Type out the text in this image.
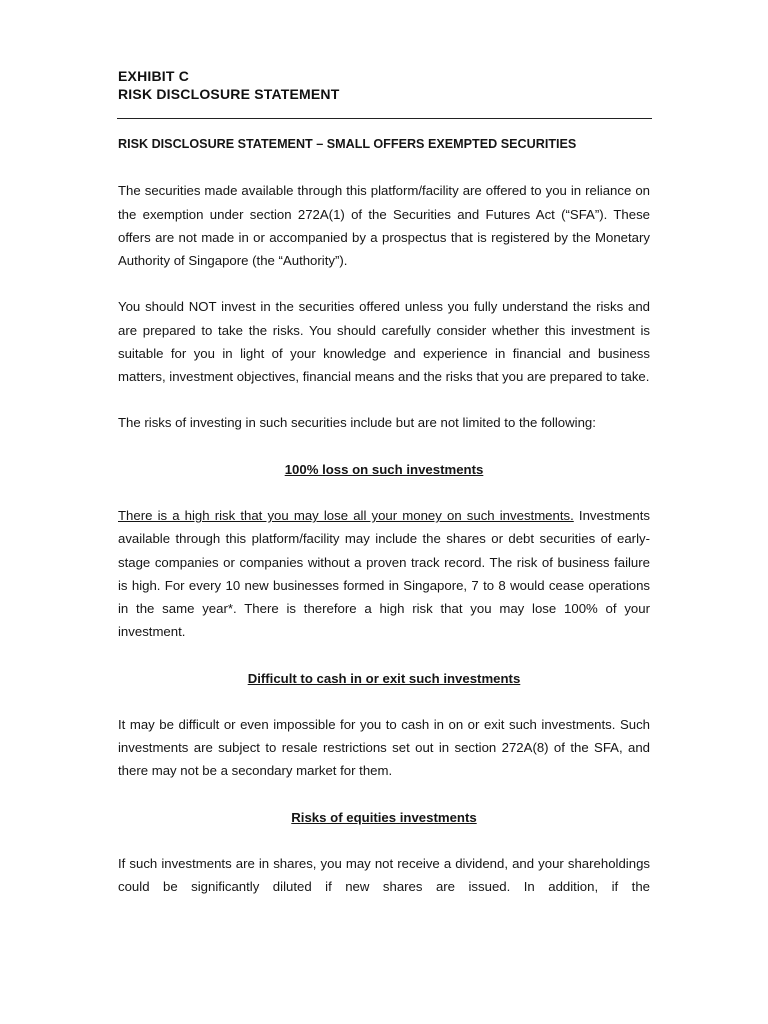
EXHIBIT C
RISK DISCLOSURE STATEMENT

RISK DISCLOSURE STATEMENT – SMALL OFFERS EXEMPTED SECURITIES

The securities made available through this platform/facility are offered to you in reliance on the exemption under section 272A(1) of the Securities and Futures Act (“SFA”). These offers are not made in or accompanied by a prospectus that is registered by the Monetary Authority of Singapore (the “Authority”).

You should NOT invest in the securities offered unless you fully understand the risks and are prepared to take the risks. You should carefully consider whether this investment is suitable for you in light of your knowledge and experience in financial and business matters, investment objectives, financial means and the risks that you are prepared to take.

The risks of investing in such securities include but are not limited to the following:

100% loss on such investments

There is a high risk that you may lose all your money on such investments. Investments available through this platform/facility may include the shares or debt securities of early-stage companies or companies without a proven track record. The risk of business failure is high. For every 10 new businesses formed in Singapore, 7 to 8 would cease operations in the same year*. There is therefore a high risk that you may lose 100% of your investment.

Difficult to cash in or exit such investments

It may be difficult or even impossible for you to cash in on or exit such investments. Such investments are subject to resale restrictions set out in section 272A(8) of the SFA, and there may not be a secondary market for them.

Risks of equities investments

If such investments are in shares, you may not receive a dividend, and your shareholdings could be significantly diluted if new shares are issued. In addition, if the
